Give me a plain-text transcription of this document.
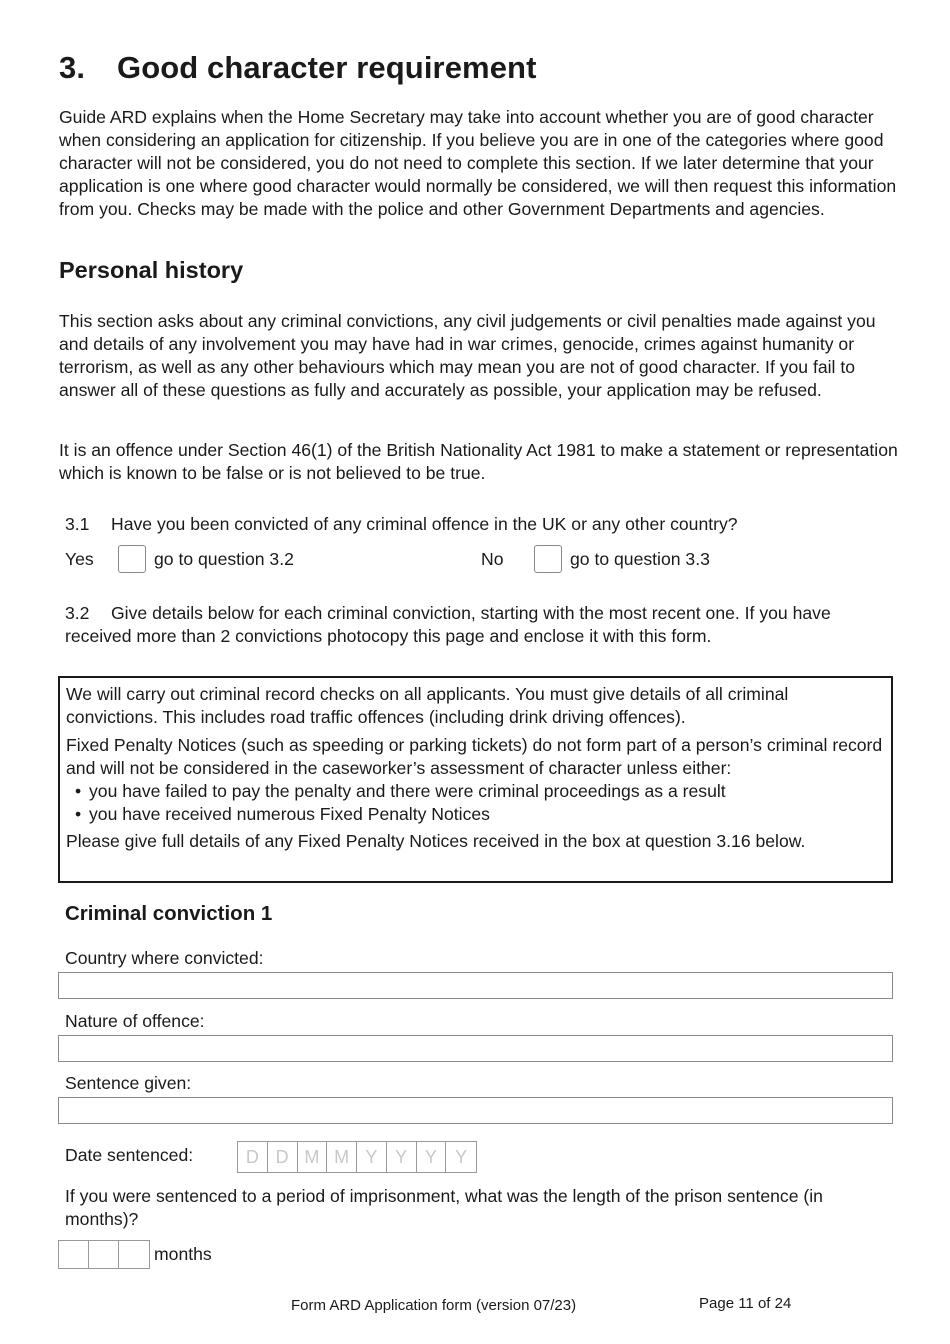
3. Good character requirement

Guide ARD explains when the Home Secretary may take into account whether you are of good character when considering an application for citizenship. If you believe you are in one of the categories where good character will not be considered, you do not need to complete this section. If we later determine that your application is one where good character would normally be considered, we will then request this information from you. Checks may be made with the police and other Government Departments and agencies.

Personal history

This section asks about any criminal convictions, any civil judgements or civil penalties made against you and details of any involvement you may have had in war crimes, genocide, crimes against humanity or terrorism, as well as any other behaviours which may mean you are not of good character. If you fail to answer all of these questions as fully and accurately as possible, your application may be refused.

It is an offence under Section 46(1) of the British Nationality Act 1981 to make a statement or representation which is known to be false or is not believed to be true.

3.1 Have you been convicted of any criminal offence in the UK or any other country?
Yes	go to question 3.2	No	go to question 3.3
3.2 Give details below for each criminal conviction, starting with the most recent one. If you have received more than 2 convictions photocopy this page and enclose it with this form.
We will carry out criminal record checks on all applicants. You must give details of all criminal convictions. This includes road traffic offences (including drink driving offences).
Fixed Penalty Notices (such as speeding or parking tickets) do not form part of a person’s criminal record and will not be considered in the caseworker’s assessment of character unless either:
• you have failed to pay the penalty and there were criminal proceedings as a result
• you have received numerous Fixed Penalty Notices
Please give full details of any Fixed Penalty Notices received in the box at question 3.16 below.
Criminal conviction 1
Country where convicted:
Nature of offence:
Sentence given:
Date sentenced:	D D M M Y Y Y	Y

If you were sentenced to a period of imprisonment, what was the length of the prison sentence (in months)?

months
Form ARD Application form (version 07/23)	Page 11 of 24
